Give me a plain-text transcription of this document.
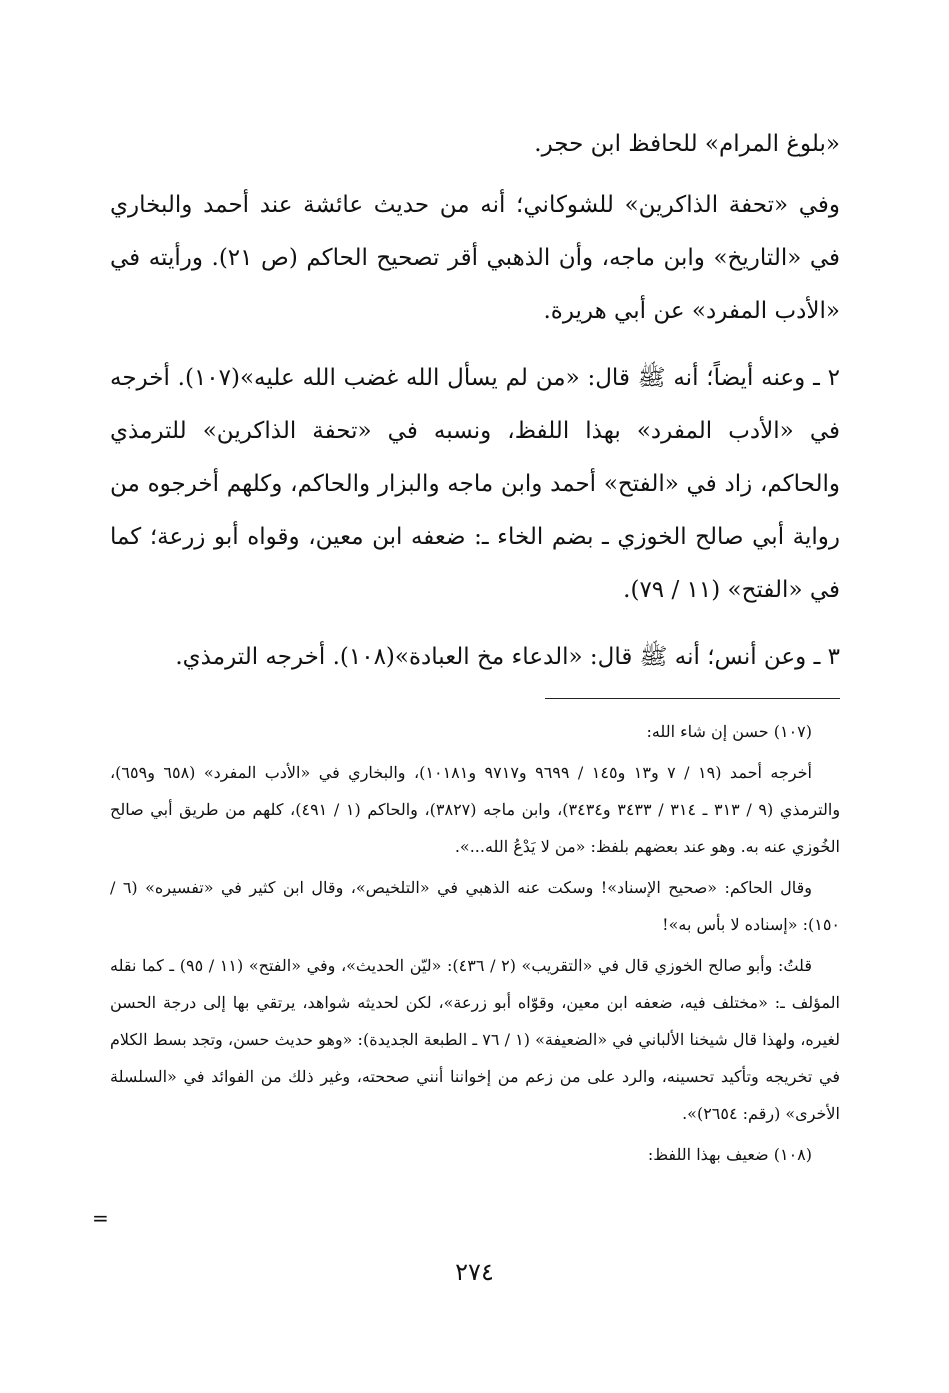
«بلوغ المرام» للحافظ ابن حجر.

وفي «تحفة الذاكرين» للشوكاني؛ أنه من حديث عائشة عند أحمد والبخاري في «التاريخ» وابن ماجه، وأن الذهبي أقر تصحيح الحاكم (ص ٢١). ورأيته في «الأدب المفرد» عن أبي هريرة.

٢ ـ وعنه أيضاً؛ أنه ﷺ قال: «من لم يسأل الله غضب الله عليه»(١٠٧). أخرجه في «الأدب المفرد» بهذا اللفظ، ونسبه في «تحفة الذاكرين» للترمذي والحاكم، زاد في «الفتح» أحمد وابن ماجه والبزار والحاكم، وكلهم أخرجوه من رواية أبي صالح الخوزي ـ بضم الخاء ـ: ضعفه ابن معين، وقواه أبو زرعة؛ كما في «الفتح» (١١ / ٧٩).

٣ ـ وعن أنس؛ أنه ﷺ قال: «الدعاء مخ العبادة»(١٠٨). أخرجه الترمذي.

(١٠٧) حسن إن شاء الله:

أخرجه أحمد (١٩ / ٧ و١٣ و١٤٥ / ٩٦٩٩ و٩٧١٧ و١٠١٨١)، والبخاري في «الأدب المفرد» (٦٥٨ و٦٥٩)، والترمذي (٩ / ٣١٣ ـ ٣١٤ / ٣٤٣٣ و٣٤٣٤)، وابن ماجه (٣٨٢٧)، والحاكم (١ / ٤٩١)، كلهم من طريق أبي صالح الخُوزي عنه به. وهو عند بعضهم بلفظ: «من لا يَدْعُ الله...».

وقال الحاكم: «صحيح الإسناد»! وسكت عنه الذهبي في «التلخيص»، وقال ابن كثير في «تفسيره» (٦ / ١٥٠): «إسناده لا بأس به»!

قلتُ: وأبو صالح الخوزي قال في «التقريب» (٢ / ٤٣٦): «ليّن الحديث»، وفي «الفتح» (١١ / ٩٥) ـ كما نقله المؤلف ـ: «مختلف فيه، ضعفه ابن معين، وقوّاه أبو زرعة»، لكن لحديثه شواهد، يرتقي بها إلى درجة الحسن لغيره، ولهذا قال شيخنا الألباني في «الضعيفة» (١ / ٧٦ ـ الطبعة الجديدة): «وهو حديث حسن، وتجد بسط الكلام في تخريجه وتأكيد تحسينه، والرد على من زعم من إخواننا أنني صححته، وغير ذلك من الفوائد في «السلسلة الأخرى» (رقم: ٢٦٥٤)».

(١٠٨) ضعيف بهذا اللفظ:

=
٢٧٤
